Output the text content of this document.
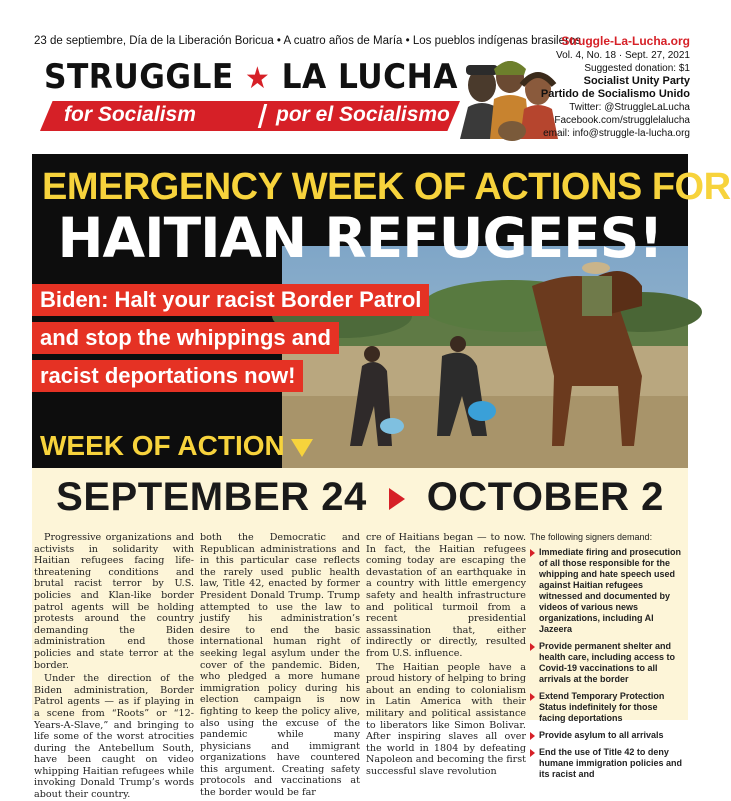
23 de septiembre, Día de la Liberación Boricua • A cuatro años de María • Los pueblos indígenas brasileros
STRUGGLE ★ LA LUCHA
for Socialism	por el Socialismo
Struggle-La-Lucha.org
Vol. 4, No. 18 · Sept. 27, 2021
Suggested donation: $1
Socialist Unity Party
Partido de Socialismo Unido
Twitter: @StruggleLaLucha
Facebook.com/strugglelalucha
email: info@struggle-la-lucha.org
EMERGENCY WEEK OF ACTIONS FOR
HAITIAN REFUGEES!
Biden: Halt your racist Border Patrol
and stop the whippings and
racist deportations now!
WEEK OF ACTION
SEPTEMBER 24 OCTOBER 2

Progressive organizations and activists in solidarity with Haitian refugees facing life-threatening conditions and brutal racist terror by U.S. policies and Klan-like border patrol agents will be holding protests around the country demanding the Biden administration end those policies and state terror at the border.

Under the direction of the Biden administration, Border Patrol agents — as if playing in a scene from “Roots” or “12-Years-A-Slave,” and bringing to life some of the worst atrocities during the Antebellum South, have been caught on video whipping Haitian refugees while invoking Donald Trump’s words about their country.

both the Democratic and Republican administrations and in this particular case reflects the rarely used public health law, Title 42, enacted by former President Donald Trump. Trump attempted to use the law to justify his administration’s desire to end the basic international human right of seeking legal asylum under the cover of the pandemic. Biden, who pledged a more humane immigration policy during his election campaign is now fighting to keep the policy alive, also using the excuse of the pandemic while many physicians and immigrant organizations have countered this argument. Creating safety protocols and vaccinations at the border would be far

cre of Haitians began — to now. In fact, the Haitian refugees coming today are escaping the devastation of an earthquake in a country with little emergency safety and health infrastructure and political turmoil from a recent presidential assassination that, either indirectly or directly, resulted from U.S. influence.

The Haitian people have a proud history of helping to bring about an ending to colonialism in Latin America with their military and political assistance to liberators like Simon Bolivar. After inspiring slaves all over the world in 1804 by defeating Napoleon and becoming the first successful slave revolution

The following signers demand:
Immediate firing and prosecution of all those responsible for the whipping and hate speech used against Haitian refugees witnessed and documented by videos of various news organizations, including Al Jazeera
Provide permanent shelter and health care, including access to Covid-19 vaccinations to all arrivals at the border
Extend Temporary Protection Status indefinitely for those facing deportations
Provide asylum to all arrivals
End the use of Title 42 to deny humane immigration policies and its racist and
